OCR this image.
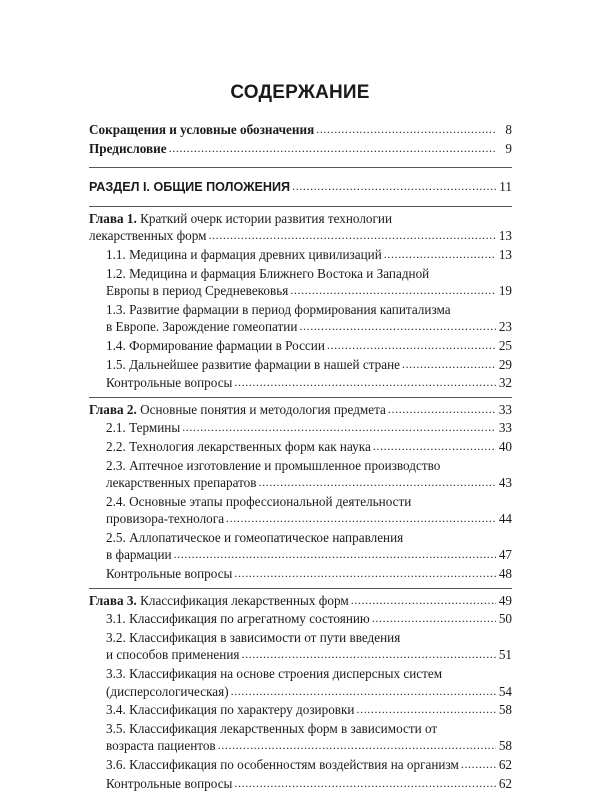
СОДЕРЖАНИЕ
Сокращения и условные обозначения .....	8
Предисловие .....	9
РАЗДЕЛ I. ОБЩИЕ ПОЛОЖЕНИЯ .....	11
Глава 1. Краткий очерк истории развития технологии
лекарственных форм .....	13
1.1. Медицина и фармация древних цивилизаций .....	13
1.2. Медицина и фармация Ближнего Востока и Западной
Европы в период Средневековья .....	19
1.3. Развитие фармации в период формирования капитализма
в Европе. Зарождение гомеопатии .....	23
1.4. Формирование фармации в России .....	25
1.5. Дальнейшее развитие фармации в нашей стране .....	29
Контрольные вопросы .....	32
Глава 2. Основные понятия и методология предмета .....	33
2.1. Термины .....	33
2.2. Технология лекарственных форм как наука .....	40
2.3. Аптечное изготовление и промышленное производство
лекарственных препаратов .....	43
2.4. Основные этапы профессиональной деятельности
провизора-технолога .....	44
2.5. Аллопатическое и гомеопатическое направления
в фармации .....	47
Контрольные вопросы .....	48
Глава 3. Классификация лекарственных форм .....	49
3.1. Классификация по агрегатному состоянию .....	50
3.2. Классификация в зависимости от пути введения
и способов применения .....	51
3.3. Классификация на основе строения дисперсных систем
(дисперсологическая) .....	54
3.4. Классификация по характеру дозировки .....	58
3.5. Классификация лекарственных форм в зависимости от
возраста пациентов .....	58
3.6. Классификация по особенностям воздействия на организм .....	62
Контрольные вопросы .....	62
